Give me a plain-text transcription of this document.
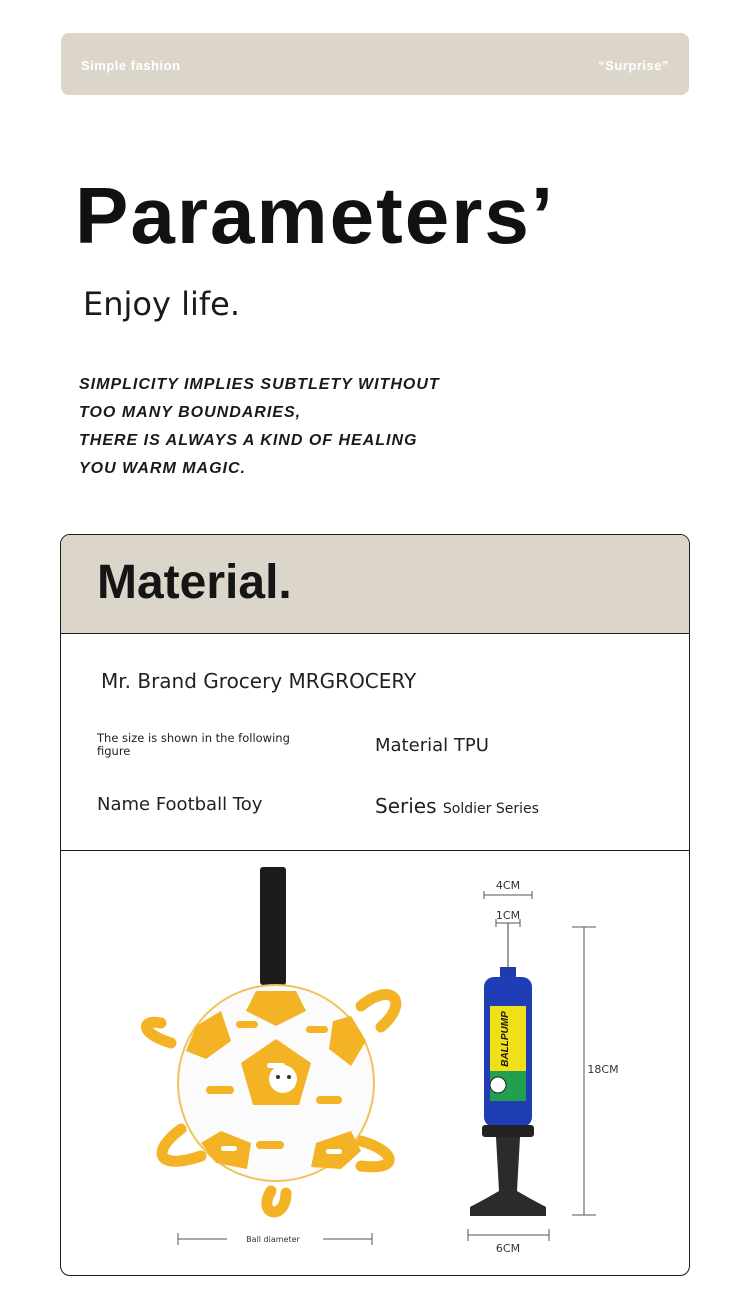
Simple fashion	“Surprise”
Parameters’
Enjoy life.
SIMPLICITY IMPLIES SUBTLETY WITHOUT
TOO MANY BOUNDARIES,
THERE IS ALWAYS A KIND OF HEALING
YOU WARM MAGIC.
Material.
Mr. Brand Grocery MRGROCERY
The size is shown in the following figure	Material TPU
Name Football Toy	Series Soldier Series
Ball diameter
BALLPUMP
4CM
1CM
18CM
6CM
